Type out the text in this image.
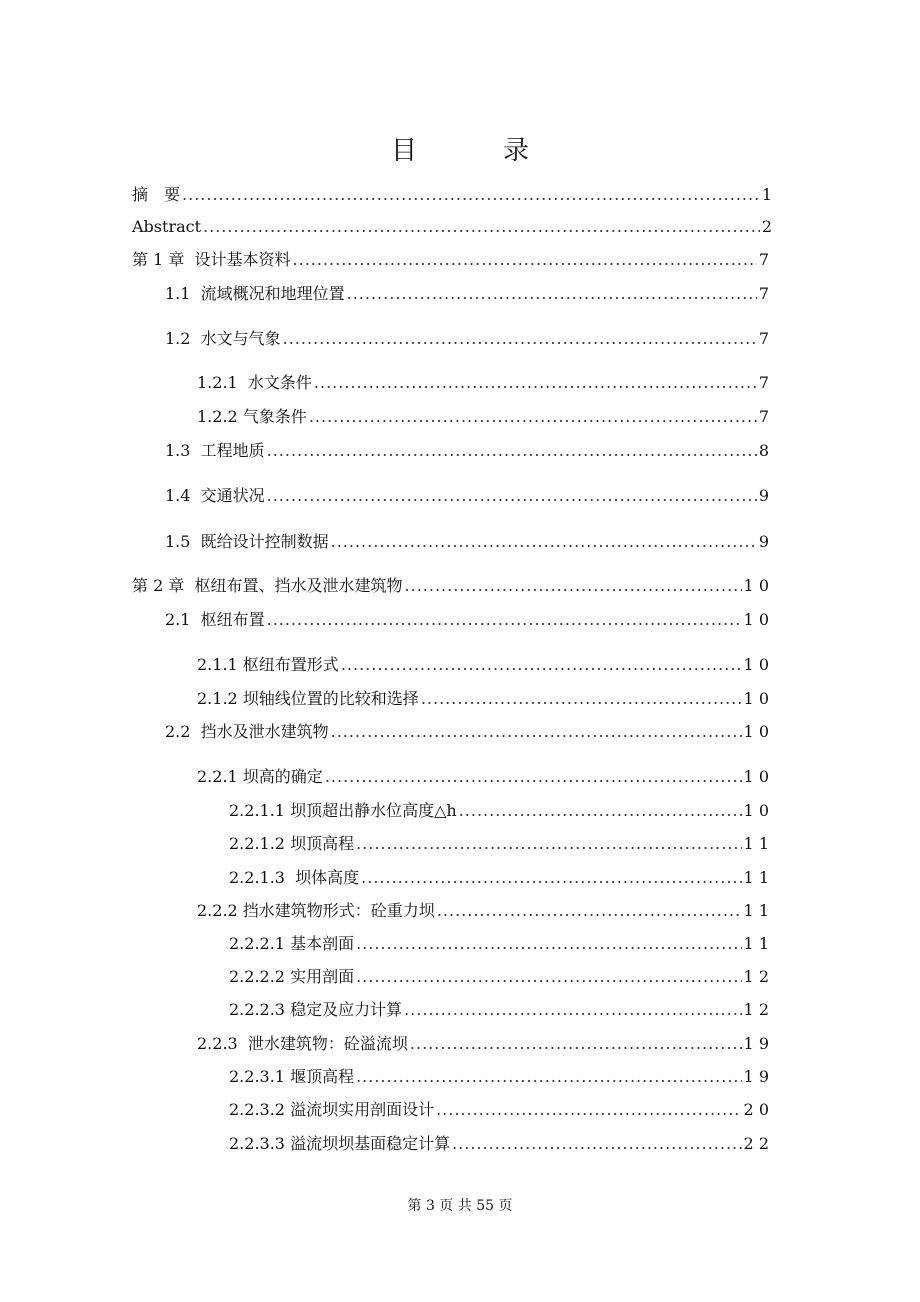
目　录
摘　要 .....	1
Abstract .....	2
第 1 章  设计基本资料 .....	7
1.1  流域概况和地理位置 .....	7
1.2  水文与气象 .....	7
1.2.1  水文条件 .....	7
1.2.2 气象条件 .....	7
1.3  工程地质 .....	8
1.4  交通状况 .....	9
1.5  既给设计控制数据 .....	9
第 2 章  枢纽布置、挡水及泄水建筑物 .....	1 0
2.1  枢纽布置 .....	1 0
2.1.1 枢纽布置形式 .....	1 0
2.1.2 坝轴线位置的比较和选择 .....	1 0
2.2  挡水及泄水建筑物 .....	1 0
2.2.1 坝高的确定 .....	1 0
2.2.1.1 坝顶超出静水位高度△h .....	1 0
2.2.1.2 坝顶高程 .....	1 1
2.2.1.3  坝体高度 .....	1 1
2.2.2 挡水建筑物形式：砼重力坝 .....	1 1
2.2.2.1 基本剖面 .....	1 1
2.2.2.2 实用剖面 .....	1 2
2.2.2.3 稳定及应力计算 .....	1 2
2.2.3  泄水建筑物：砼溢流坝 .....	1 9
2.2.3.1 堰顶高程 .....	1 9
2.2.3.2 溢流坝实用剖面设计 .....	2 0
2.2.3.3 溢流坝坝基面稳定计算 .....	2 2
第 3 页 共 55 页
